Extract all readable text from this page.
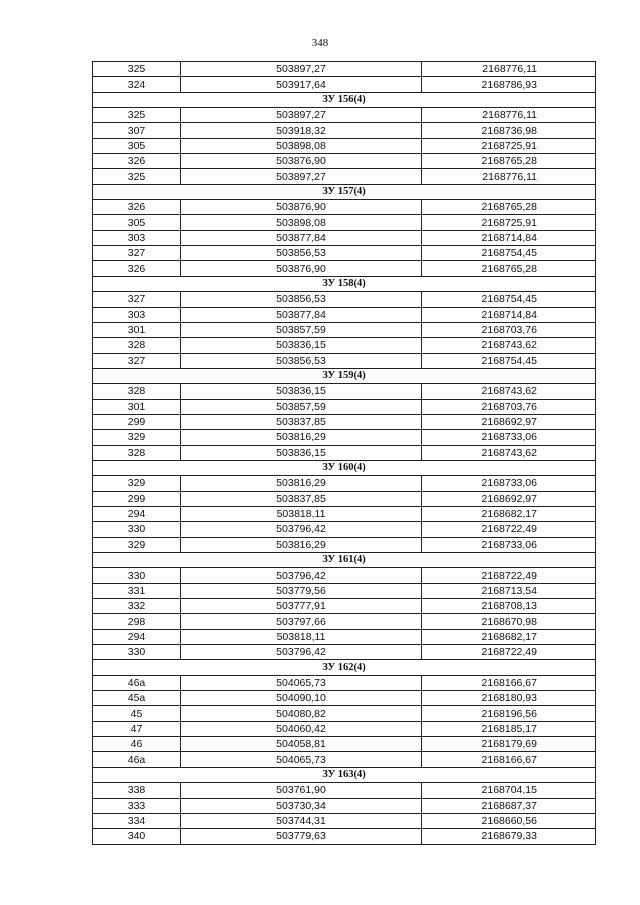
348
325	503897,27	2168776,11
324	503917,64	2168786,93
ЗУ 156(4)		
325	503897,27	2168776,11
307	503918,32	2168736,98
305	503898,08	2168725,91
326	503876,90	2168765,28
325	503897,27	2168776,11
ЗУ 157(4)		
326	503876,90	2168765,28
305	503898,08	2168725,91
303	503877,84	2168714,84
327	503856,53	2168754,45
326	503876,90	2168765,28
ЗУ 158(4)		
327	503856,53	2168754,45
303	503877,84	2168714,84
301	503857,59	2168703,76
328	503836,15	2168743,62
327	503856,53	2168754,45
ЗУ 159(4)		
328	503836,15	2168743,62
301	503857,59	2168703,76
299	503837,85	2168692,97
329	503816,29	2168733,06
328	503836,15	2168743,62
ЗУ 160(4)		
329	503816,29	2168733,06
299	503837,85	2168692,97
294	503818,11	2168682,17
330	503796,42	2168722,49
329	503816,29	2168733,06
ЗУ 161(4)		
330	503796,42	2168722,49
331	503779,56	2168713,54
332	503777,91	2168708,13
298	503797,66	2168670,98
294	503818,11	2168682,17
330	503796,42	2168722,49
ЗУ 162(4)		
46а	504065,73	2168166,67
45а	504090,10	2168180,93
45	504080,82	2168196,56
47	504060,42	2168185,17
46	504058,81	2168179,69
46а	504065,73	2168166,67
ЗУ 163(4)		
338	503761,90	2168704,15
333	503730,34	2168687,37
334	503744,31	2168660,56
340	503779,63	2168679,33
